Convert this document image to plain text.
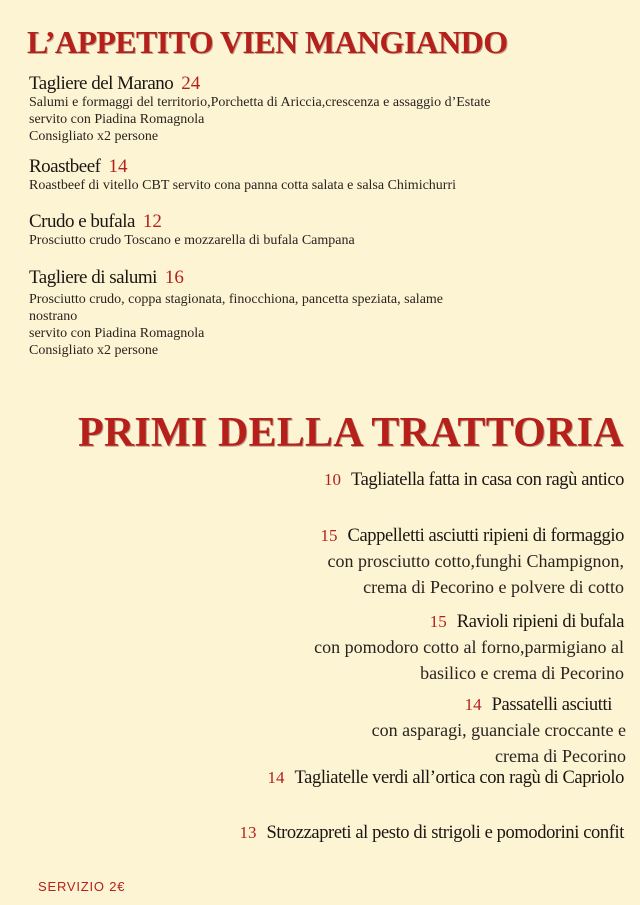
L’APPETITO VIEN MANGIANDO
Tagliere del Marano 24
Salumi e formaggi del territorio,Porchetta di Ariccia,crescenza e assaggio d’Estate
servito con Piadina Romagnola
Consigliato x2 persone
Roastbeef 14
Roastbeef di vitello CBT servito cona panna cotta salata e salsa Chimichurri
Crudo e bufala 12
Prosciutto crudo Toscano e mozzarella di bufala Campana
Tagliere di salumi 16
Prosciutto crudo, coppa stagionata, finocchiona, pancetta speziata, salame nostrano
servito con Piadina Romagnola
Consigliato x2 persone
PRIMI DELLA TRATTORIA
10 Tagliatella fatta in casa con ragù antico
15 Cappelletti asciutti ripieni di formaggio
con prosciutto cotto,funghi Champignon,
crema di Pecorino e polvere di cotto
15 Ravioli ripieni di bufala
con pomodoro cotto al forno,parmigiano al
basilico e crema di Pecorino
14 Passatelli asciutti
con asparagi, guanciale croccante e
crema di Pecorino
14 Tagliatelle verdi all’ortica con ragù di Capriolo
13 Strozzapreti al pesto di strigoli e pomodorini confit
SERVIZIO 2€
